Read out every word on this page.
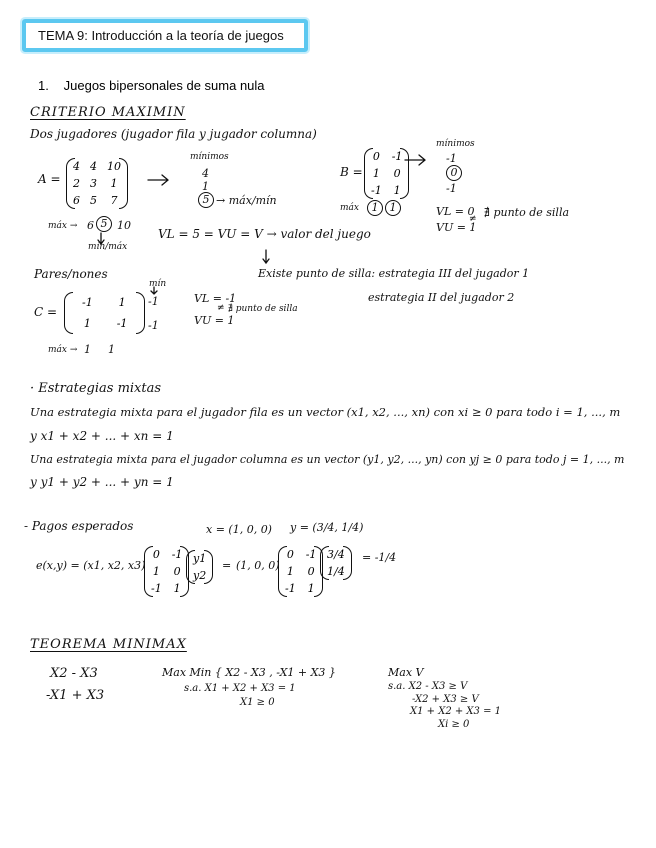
TEMA 9: Introducción a la teoría de juegos
1. Juegos bipersonales de suma nula
CRITERIO MAXIMIN
Dos jugadores (jugador fila y jugador columna)
A =
4	4	10
2	3	1
6	5	7
mínimos
4
1
5 → máx/mín
máx → 6 5 10
mín/máx
VL = 5 = VU = V → valor del juego
Existe punto de silla: estrategia III del jugador 1
estrategia II del jugador 2
B =
0	-1
1	0
-1	1
mínimos
-1
0
-1
máx	1	1	VL = 0
≠
VU = 1
∄ punto de silla
Pares/nones
C =
-1	1
1	-1
mín
-1
-1
máx → 1 1
VL = -1
≠
VU = 1
∄ punto de silla
· Estrategias mixtas
Una estrategia mixta para el jugador fila es un vector (x1, x2, ..., xn) con xi ≥ 0 para todo i = 1, ..., m
y x1 + x2 + ... + xn = 1
Una estrategia mixta para el jugador columna es un vector (y1, y2, ..., yn) con yj ≥ 0 para todo j = 1, ..., m
y y1 + y2 + ... + yn = 1
- Pagos esperados	x = (1, 0, 0) y = (3/4, 1/4)
e(x,y) = (x1, x2, x3)
0	-1
1	0
-1	1
y1
y2
= (1, 0, 0)
0	-1
1	0
-1	1
3/4
1/4
= -1/4
TEOREMA MINIMAX
X2 - X3
-X1 + X3
Max Min { X2 - X3 , -X1 + X3 }
s.a. X1 + X2 + X3 = 1
X1 ≥ 0
Max V
s.a. X2 - X3 ≥ V
-X2 + X3 ≥ V
X1 + X2 + X3 = 1
Xi ≥ 0
